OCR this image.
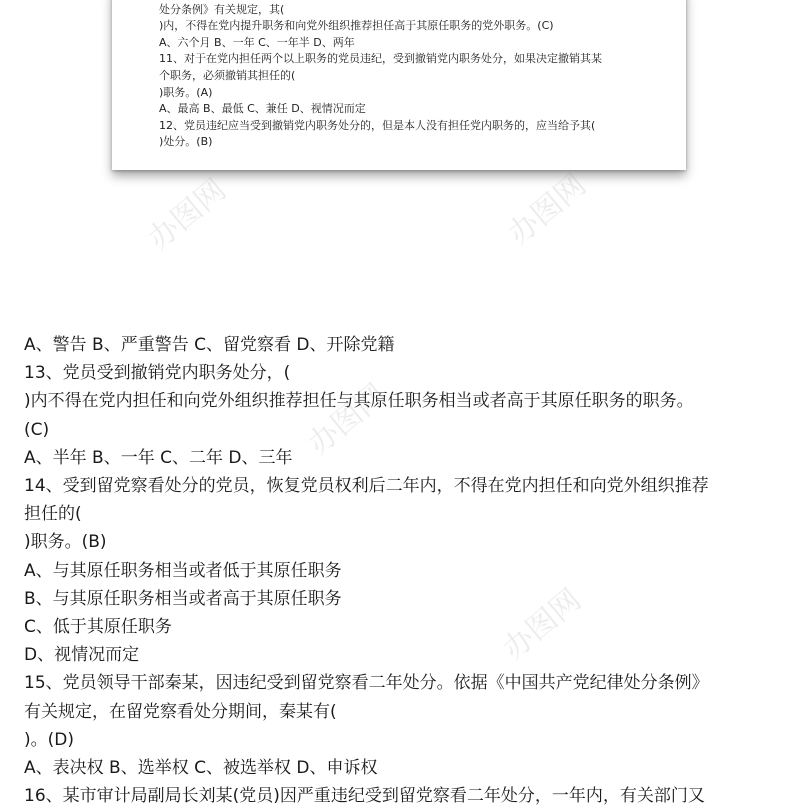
处分条例》有关规定，其(
)内，不得在党内提升职务和向党外组织推荐担任高于其原任职务的党外职务。(C)
A、六个月 B、一年 C、一年半 D、两年
11、对于在党内担任两个以上职务的党员违纪，受到撤销党内职务处分，如果决定撤销其某
个职务，必须撤销其担任的(
)职务。(A)
A、最高 B、最低 C、兼任 D、视情况而定
12、党员违纪应当受到撤销党内职务处分的，但是本人没有担任党内职务的，应当给予其(
)处分。(B)
A、警告 B、严重警告 C、留党察看 D、开除党籍
13、党员受到撤销党内职务处分，(
)内不得在党内担任和向党外组织推荐担任与其原任职务相当或者高于其原任职务的职务。
(C)
A、半年 B、一年 C、二年 D、三年
14、受到留党察看处分的党员，恢复党员权利后二年内，不得在党内担任和向党外组织推荐
担任的(
)职务。(B)
A、与其原任职务相当或者低于其原任职务
B、与其原任职务相当或者高于其原任职务
C、低于其原任职务
D、视情况而定
15、党员领导干部秦某，因违纪受到留党察看二年处分。依据《中国共产党纪律处分条例》
有关规定，在留党察看处分期间，秦某有(
)。(D)
A、表决权 B、选举权 C、被选举权 D、申诉权
16、某市审计局副局长刘某(党员)因严重违纪受到留党察看二年处分，一年内，有关部门又
办图网	办图网
办图网
办图网
